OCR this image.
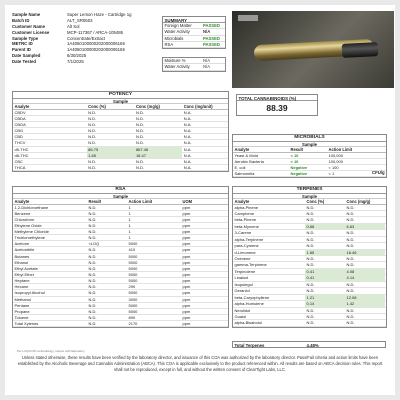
Sample Name	Super Lemon Haze - Cartridge 1g
Batch ID	ALT_SR0603
Customer Name	Alt Sol
Customer License	MCP-117367 / ARCA-105486
Sample Type	Concentrate/Extract
METRC ID	1A4060100000202000006165
Parent ID	1A4060100000202000006165
Date Sampled	6/30/2025
Date Tested	7/1/2025
SUMMARY
Foreign Matter	PASSED
Water Activity	N/A
Microbials	PASSED
RSA	PASSED
Moisture %	N/A
Water Activity	N/A
TOTAL CANNABINOIDS (%)
88.39
POTENCY
Sample
Analyte	Conc (%)	Conc (mg/g)	Conc (mg/unit)
CBDV	N.D.	N.D.	N.A.
CBDA	N.D.	N.D.	N.A.
CBGA	N.D.	N.D.	N.A.
CBG	N.D.	N.D.	N.A.
CBD	N.D.	N.D.	N.A.
THCV	N.D.	N.D.	N.A.
d9-THC	86.75	867.46	N.A.
d8-THC	1.65	16.47	N.A.
CBC	N.D.	N.D.	N.A.
THCA	N.D.	N.D.	N.A.
MICROBIALS
Sample
Analyte	Result	Action Limit
Yeast & Mold	< 10	100,000
Aerobic Bacteria	< 10	100,000
E. coli	Negative	< 100
Salmonella	Negative	< 1	CFU/g
RSA
Sample
Analyte	Result	Action Limit	UOM
1,2-Dichloroethane	N.D.	1	ppm
Benzene	N.D.	1	ppm
Chloroform	N.D.	1	ppm
Ethylene Oxide	N.D.	1	ppm
Methylene Chloride	N.D.	1	ppm
Trichloroethylene	N.D.	1	ppm
Acetone	<LOQ	5000	ppm
Acetonitrile	N.D.	410	ppm
Butanes	N.D.	5000	ppm
Ethanol	N.D.	5000	ppm
Ethyl Acetate	N.D.	5000	ppm
Ethyl Ether	N.D.	5000	ppm
Heptane	N.D.	5000	ppm
Hexane	N.D.	290	ppm
Isopropyl Alcohol	N.D.	5000	ppm
Methanol	N.D.	3000	ppm
Pentane	N.D.	5000	ppm
Propane	N.D.	5000	ppm
Toluene	N.D.	890	ppm
Total Xylenes	N.D.	2170	ppm
Per LOQ/LOD methodology, inquire with laboratory
TERPENES
Sample
Analyte	Conc (%)	Conc (mg/g)
alpha-Pinene	N.D.	N.D.
Camphene	N.D.	N.D.
beta-Pinene	N.D.	N.D.
beta-Myrcene	0.66	6.63
3-Carene	N.D.	N.D.
alpha-Terpinene	N.D.	N.D.
para-Cymene	N.D.	N.D.
d-Limonene	1.65	16.46
Ocimene	N.D.	N.D.
gamma-Terpinene	N.D.	N.D.
Terpinolene	0.41	4.08
Linalool	0.41	4.14
Isopulegol	N.D.	N.D.
Geraniol	N.D.	N.D.
beta-Caryophyllene	1.21	12.08
alpha-Humulene	0.14	1.42
Nerolidol	N.D.	N.D.
Guaiol	N.D.	N.D.
alpha-Bisabolol	N.D.	N.D.
Total Terpenes	4.48%
Unless stated otherwise, these results have been verified by the laboratory director, and issuance of this COA was authorized by the laboratory director. Pass/Fail criteria and action limits have been established by the Alcoholic Beverage and Cannabis Administration (ABCA). This COA is applicable exclusively to the product referenced within. All results are based on ABCA decision rules. This report shall not be reproduced, except in full, and without the written consent of ClearTight Labs, LLC.
